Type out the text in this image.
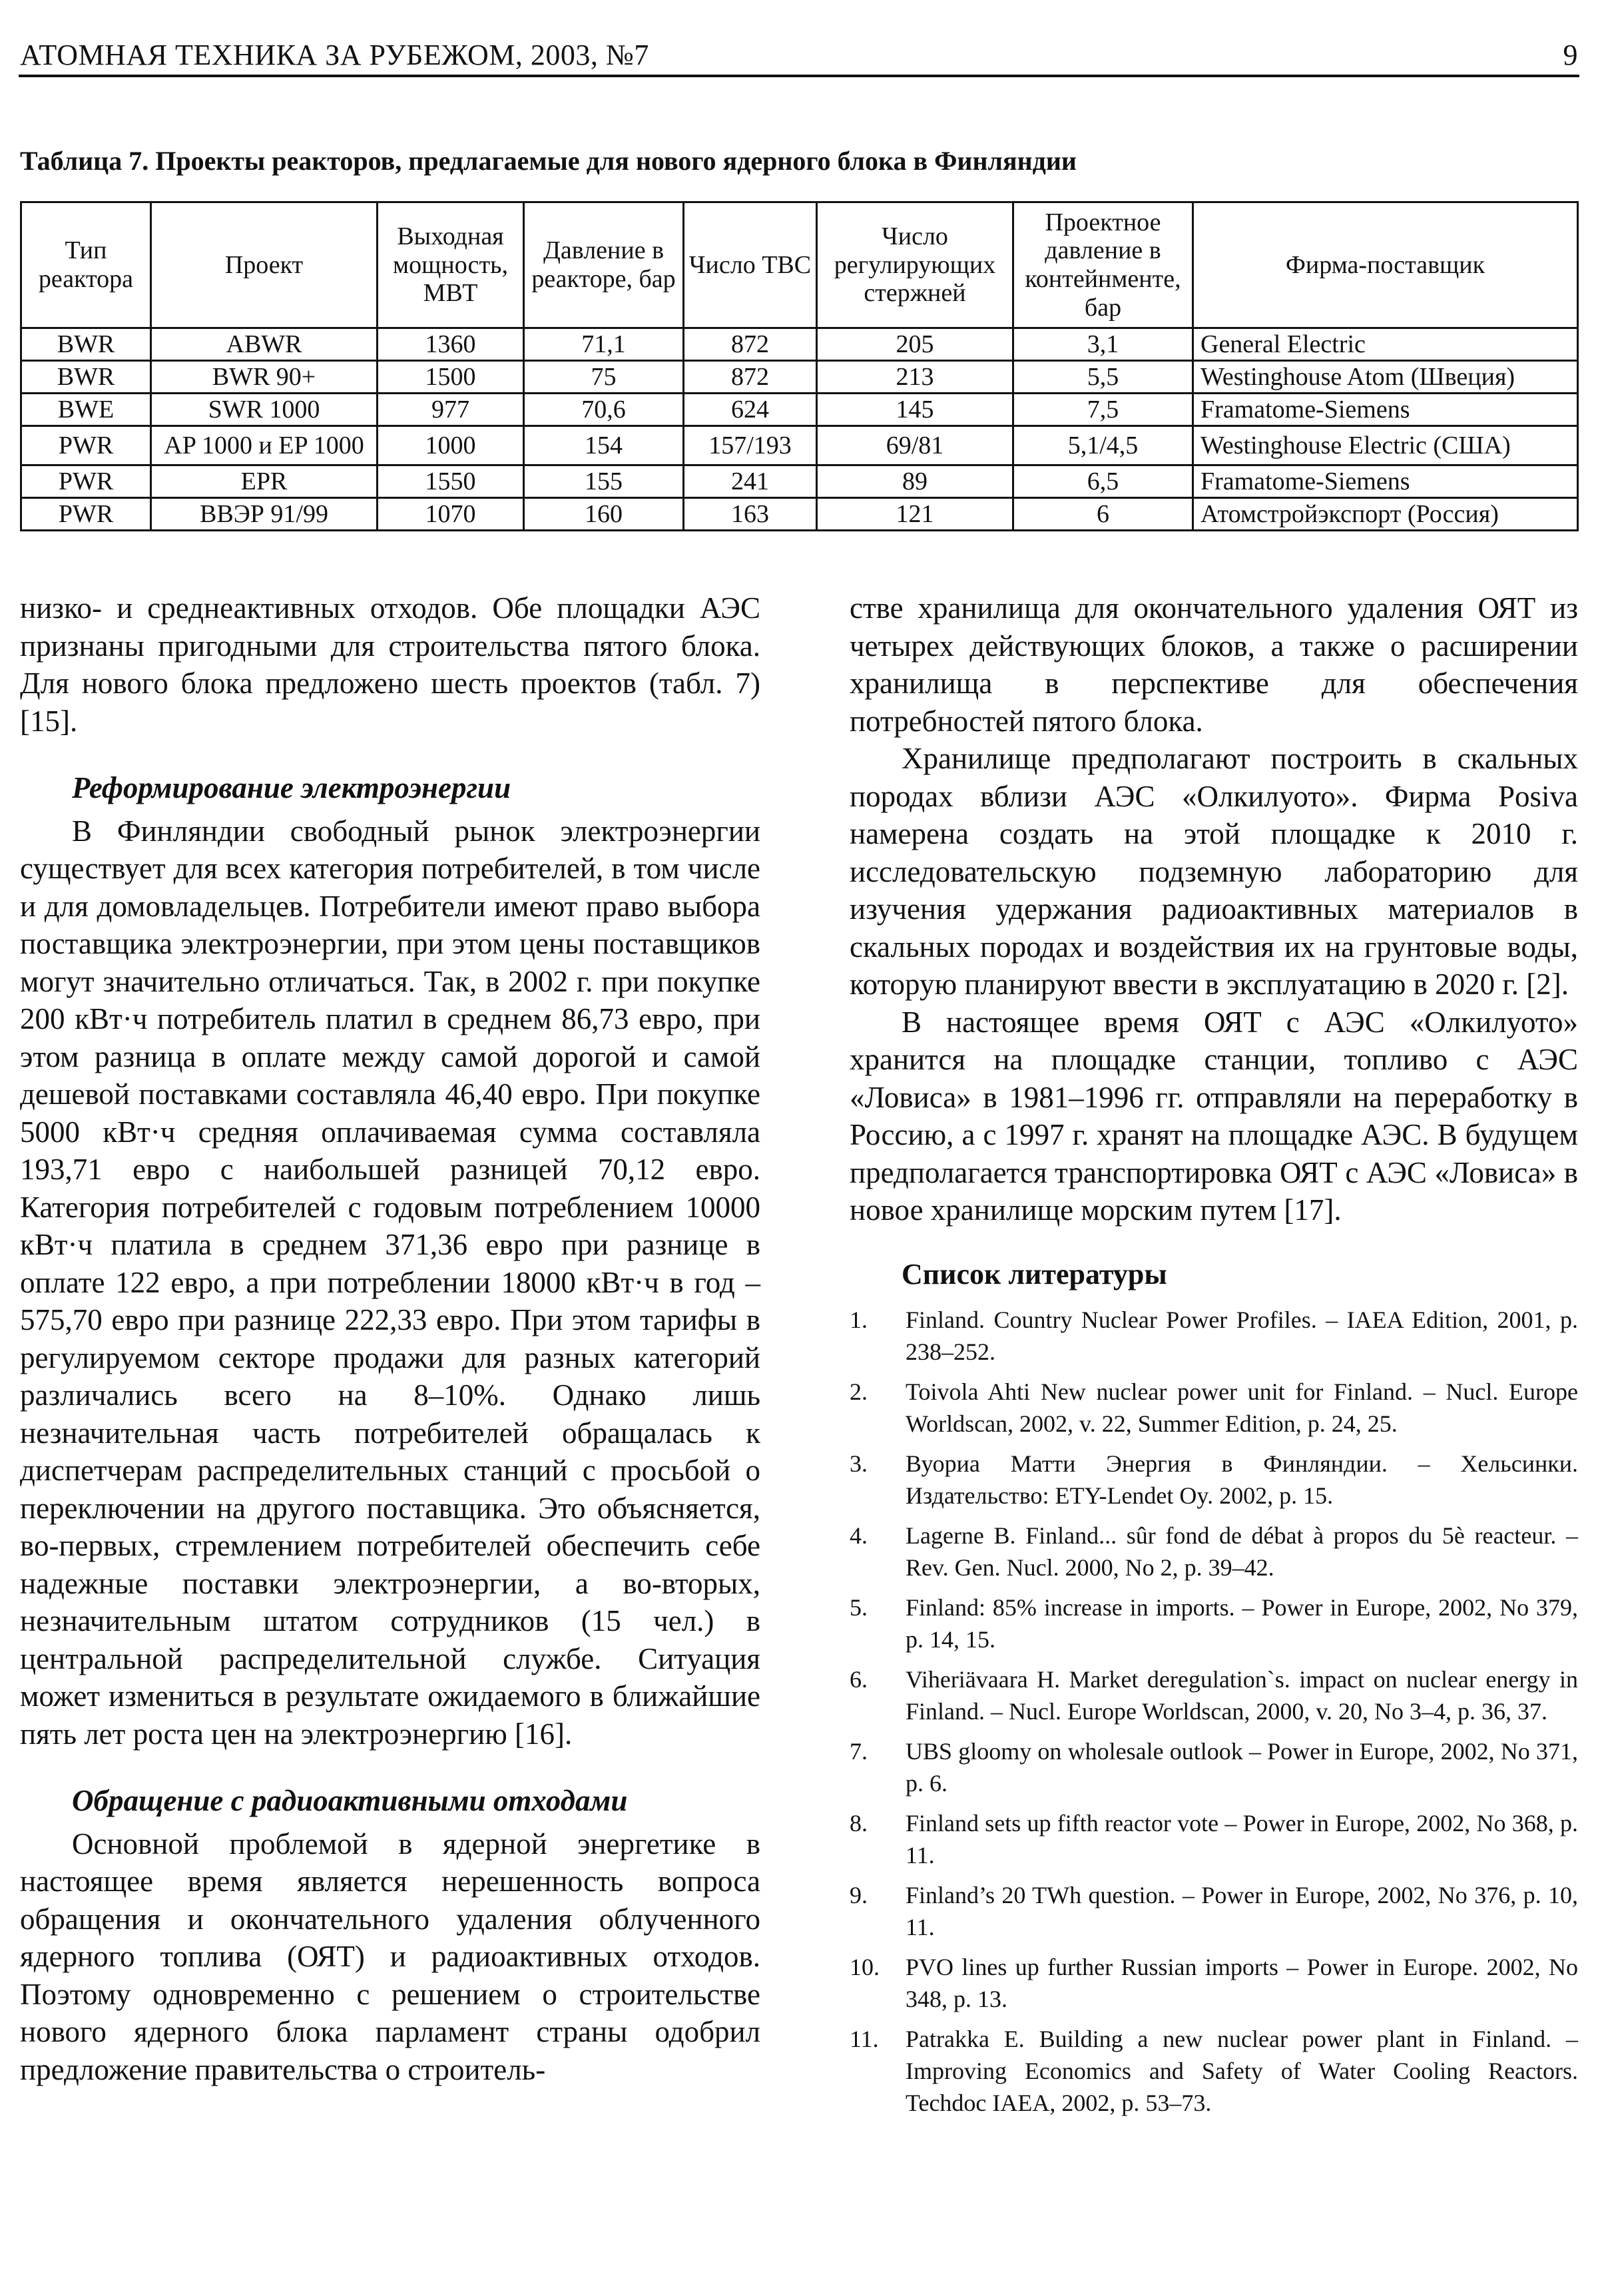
АТОМНАЯ ТЕХНИКА ЗА РУБЕЖОМ, 2003, №7	9
Таблица 7. Проекты реакторов, предлагаемые для нового ядерного блока в Финляндии
Тип реактора	Проект	Выходная мощность, МВТ	Давление в реакторе, бар	Число ТВС	Число регулирующих стержней	Проектное давление в контейнменте, бар	Фирма-поставщик
BWR	ABWR	1360	71,1	872	205	3,1	General Electric
BWR	BWR 90+	1500	75	872	213	5,5	Westinghouse Atom (Швеция)
BWE	SWR 1000	977	70,6	624	145	7,5	Framatome-Siemens
PWR	AP 1000 и EP 1000	1000	154	157/193	69/81	5,1/4,5	Westinghouse Electric (США)
PWR	EPR	1550	155	241	89	6,5	Framatome-Siemens
PWR	ВВЭР 91/99	1070	160	163	121	6	Атомстройэкспорт (Россия)

низко- и среднеактивных отходов. Обе площадки АЭС признаны пригодными для строительства пятого блока. Для нового блока предложено шесть проектов (табл. 7) [15].

Реформирование электроэнергии

В Финляндии свободный рынок электроэнергии существует для всех категория потребителей, в том числе и для домовладельцев. Потребители имеют право выбора поставщика электроэнергии, при этом цены поставщиков могут значительно отличаться. Так, в 2002 г. при покупке 200 кВт·ч потребитель платил в среднем 86,73 евро, при этом разница в оплате между самой дорогой и самой дешевой поставками составляла 46,40 евро. При покупке 5000 кВт·ч средняя оплачиваемая сумма составляла 193,71 евро с наибольшей разницей 70,12 евро. Категория потребителей с годовым потреблением 10000 кВт·ч платила в среднем 371,36 евро при разнице в оплате 122 евро, а при потреблении 18000 кВт·ч в год – 575,70 евро при разнице 222,33 евро. При этом тарифы в регулируемом секторе продажи для разных категорий различались всего на 8–10%. Однако лишь незначительная часть потребителей обращалась к диспетчерам распределительных станций с просьбой о переключении на другого поставщика. Это объясняется, во-первых, стремлением потребителей обеспечить себе надежные поставки электроэнергии, а во-вторых, незначительным штатом сотрудников (15 чел.) в центральной распределительной службе. Ситуация может измениться в результате ожидаемого в ближайшие пять лет роста цен на электроэнергию [16].

Обращение с радиоактивными отходами

Основной проблемой в ядерной энергетике в настоящее время является нерешенность вопроса обращения и окончательного удаления облученного ядерного топлива (ОЯТ) и радиоактивных отходов. Поэтому одновременно с решением о строительстве нового ядерного блока парламент страны одобрил предложение правительства о строитель-

стве хранилища для окончательного удаления ОЯТ из четырех действующих блоков, а также о расширении хранилища в перспективе для обеспечения потребностей пятого блока.

Хранилище предполагают построить в скальных породах вблизи АЭС «Олкилуото». Фирма Posiva намерена создать на этой площадке к 2010 г. исследовательскую подземную лабораторию для изучения удержания радиоактивных материалов в скальных породах и воздействия их на грунтовые воды, которую планируют ввести в эксплуатацию в 2020 г. [2].

В настоящее время ОЯТ с АЭС «Олкилуото» хранится на площадке станции, топливо с АЭС «Ловиса» в 1981–1996 гг. отправляли на переработку в Россию, а с 1997 г. хранят на площадке АЭС. В будущем предполагается транспортировка ОЯТ с АЭС «Ловиса» в новое хранилище морским путем [17].

Список литературы

1.	Finland. Country Nuclear Power Profiles. – IAEA Edition, 2001, p. 238–252.
2.	Toivola Ahti New nuclear power unit for Finland. – Nucl. Europe Worldscan, 2002, v. 22, Summer Edition, p. 24, 25.
3.	Вуориа Матти Энергия в Финляндии. – Хельсинки. Издательство: ETY-Lendet Oy. 2002, p. 15.
4.	Lagerne B. Finland... sûr fond de débat à propos du 5è reacteur. – Rev. Gen. Nucl. 2000, No 2, p. 39–42.
5.	Finland: 85% increase in imports. – Power in Europe, 2002, No 379, p. 14, 15.
6.	Viheriävaara H. Market deregulation`s. impact on nuclear energy in Finland. – Nucl. Europe Worldscan, 2000, v. 20, No 3–4, p. 36, 37.
7.	UBS gloomy on wholesale outlook – Power in Europe, 2002, No 371, p. 6.
8.	Finland sets up fifth reactor vote – Power in Europe, 2002, No 368, p. 11.
9.	Finland’s 20 TWh question. – Power in Europe, 2002, No 376, p. 10, 11.
10.	PVO lines up further Russian imports – Power in Europe. 2002, No 348, p. 13.
11.	Patrakka E. Building a new nuclear power plant in Finland. – Improving Economics and Safety of Water Cooling Reactors. Techdoc IAEA, 2002, p. 53–73.
